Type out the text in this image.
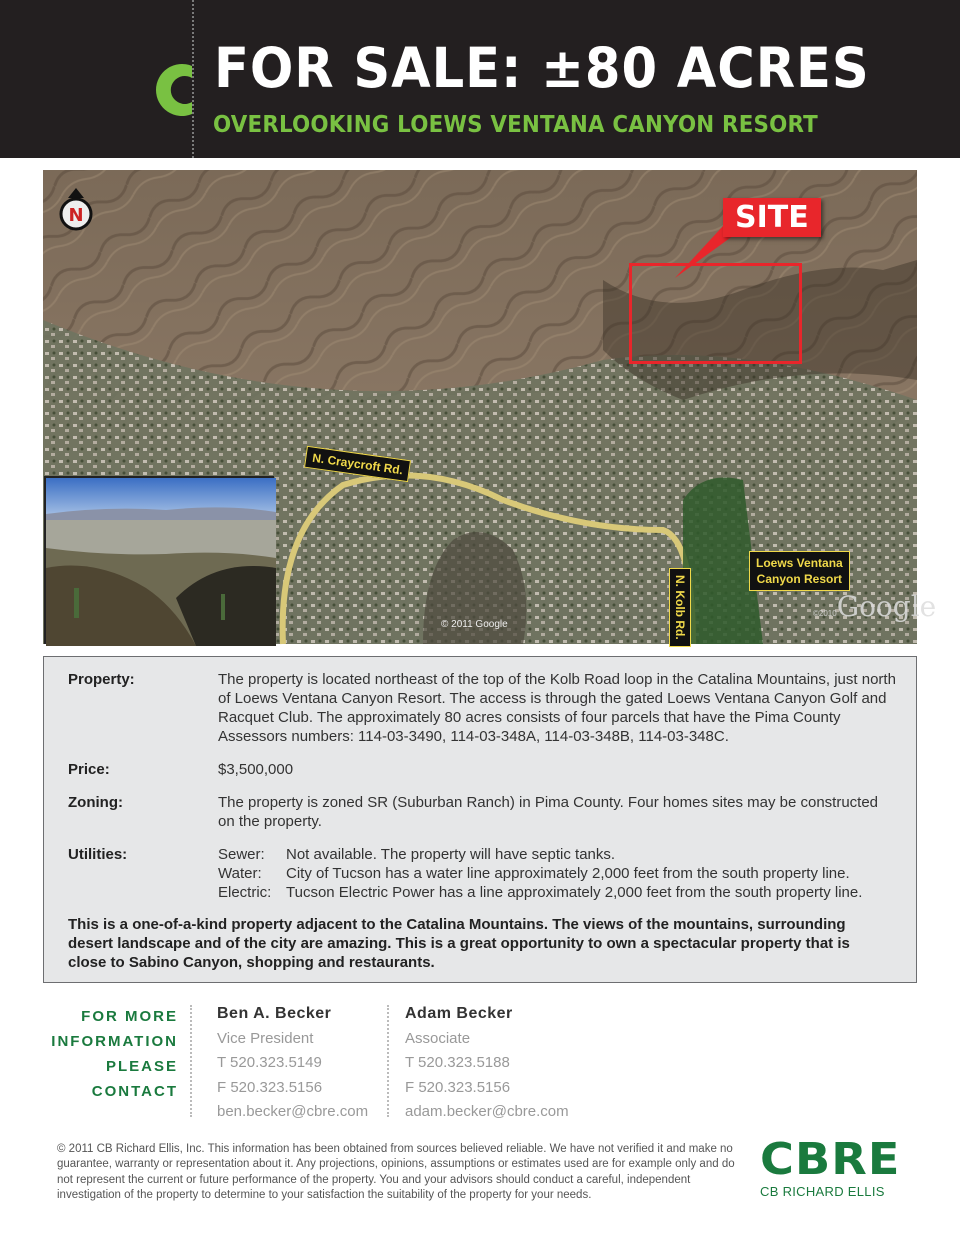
FOR SALE: ±80 ACRES
OVERLOOKING LOEWS VENTANA CANYON RESORT
N	SITE
N. Craycroft Rd.
N. Kolb Rd.
Loews Ventana
Canyon Resort
© 2011 Google
©2010Google
Property:	The property is located northeast of the top of the Kolb Road loop in the Catalina Mountains, just north of Loews Ventana Canyon Resort. The access is through the gated Loews Ventana Canyon Golf and Racquet Club. The approximately 80 acres consists of four parcels that have the Pima County Assessors numbers: 114-03-3490, 114-03-348A, 114-03-348B, 114-03-348C.
Price:	$3,500,000
Zoning:	The property is zoned SR (Suburban Ranch) in Pima County. Four homes sites may be constructed on the property.
Utilities:	Sewer:	Not available. The property will have septic tanks.
Water:	City of Tucson has a water line approximately 2,000 feet from the south property line.
Electric: Tucson Electric Power has a line approximately 2,000 feet from the south property line.
This is a one-of-a-kind property adjacent to the Catalina Mountains. The views of the mountains, surrounding desert landscape and of the city are amazing. This is a great opportunity to own a spectacular property that is close to Sabino Canyon, shopping and restaurants.
FOR MORE
INFORMATION
PLEASE
CONTACT
Ben A. Becker
Vice President
T 520.323.5149
F 520.323.5156
ben.becker@cbre.com
Adam Becker
Associate
T 520.323.5188
F 520.323.5156
adam.becker@cbre.com
© 2011 CB Richard Ellis, Inc. This information has been obtained from sources believed reliable. We have not verified it and make no guarantee, warranty or representation about it. Any projections, opinions, assumptions or estimates used are for example only and do not represent the current or future performance of the property. You and your advisors should conduct a careful, independent investigation of the property to determine to your satisfaction the suitability of the property for your needs.
CBRE
CB RICHARD ELLIS
